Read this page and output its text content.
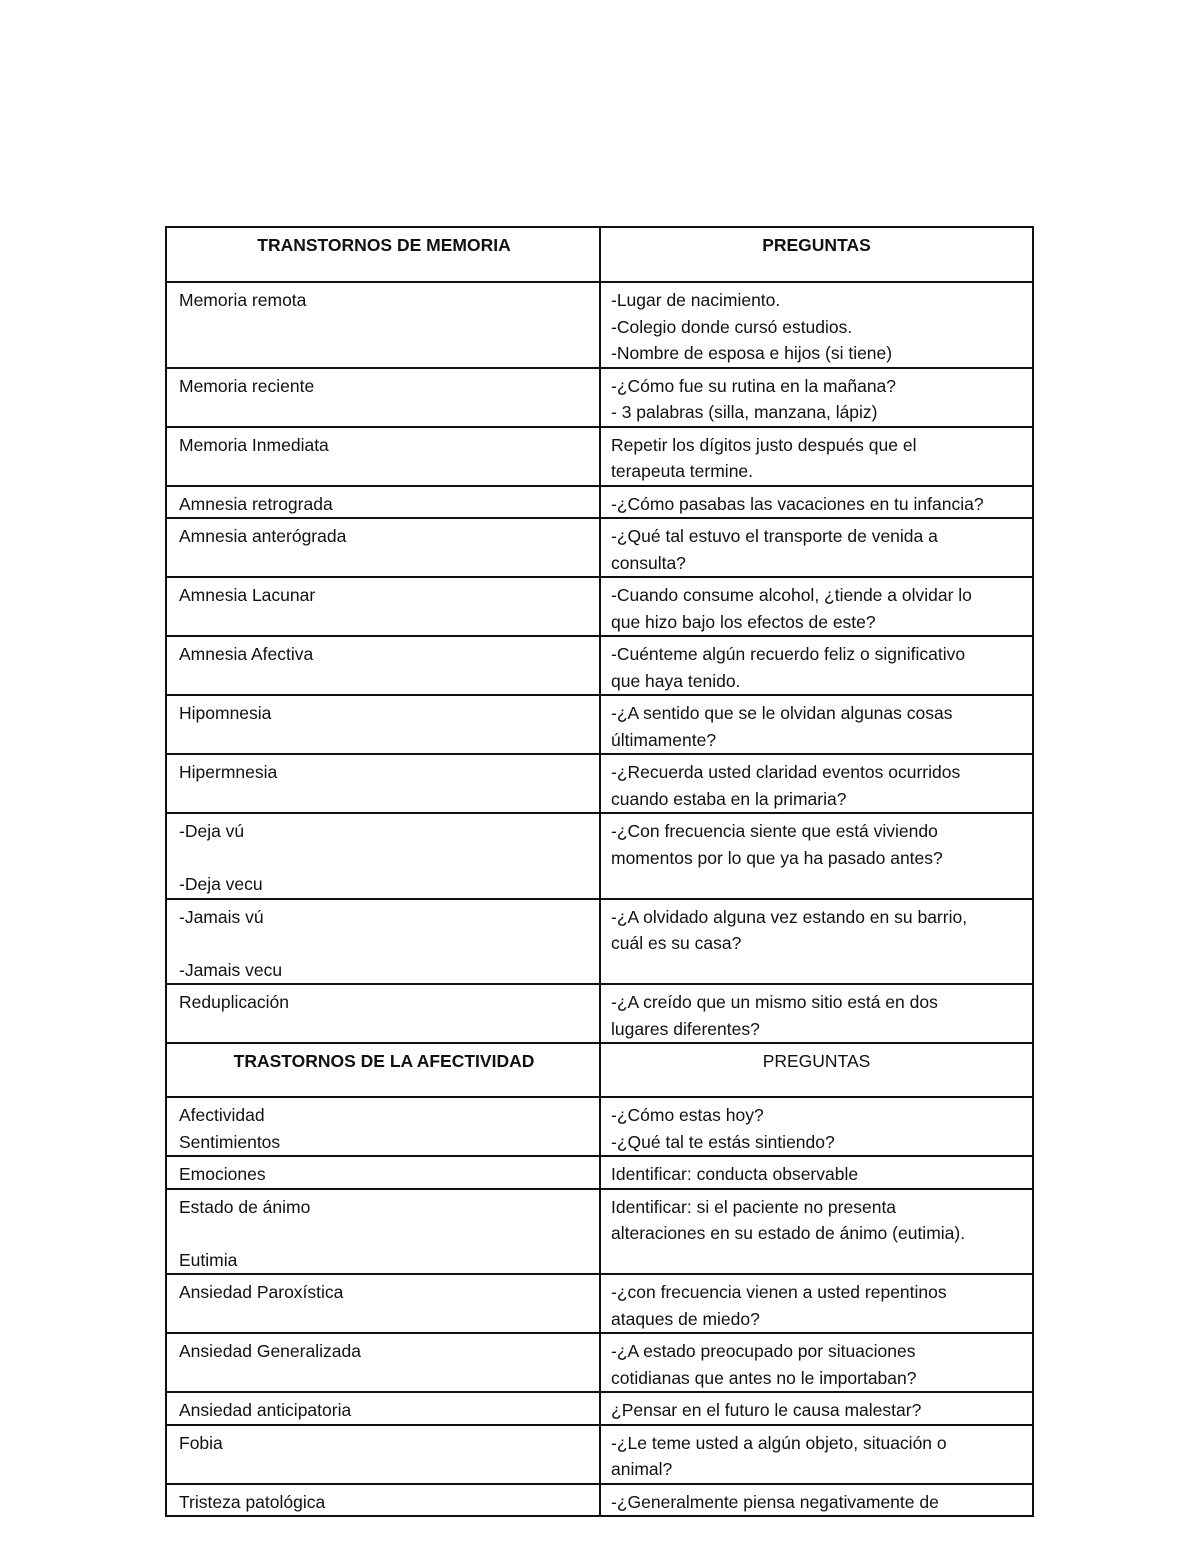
TRANSTORNOS DE MEMORIA	PREGUNTAS

Memoria remota	-Lugar de nacimiento.
-Colegio donde cursó estudios.
-Nombre de esposa e hijos (si tiene)

Memoria reciente	-¿Cómo fue su rutina en la mañana?
- 3 palabras (silla, manzana, lápiz)

Memoria Inmediata	Repetir los dígitos justo después que el
terapeuta termine.

Amnesia retrograda	-¿Cómo pasabas las vacaciones en tu infancia?

Amnesia anterógrada	-¿Qué tal estuvo el transporte de venida a
consulta?

Amnesia Lacunar	-Cuando consume alcohol, ¿tiende a olvidar lo
que hizo bajo los efectos de este?

Amnesia Afectiva	-Cuénteme algún recuerdo feliz o significativo
que haya tenido.

Hipomnesia	-¿A sentido que se le olvidan algunas cosas
últimamente?

Hipermnesia	-¿Recuerda usted claridad eventos ocurridos
cuando estaba en la primaria?

-Deja vú
-Deja vecu	-¿Con frecuencia siente que está viviendo
momentos por lo que ya ha pasado antes?

-Jamais vú
-Jamais vecu	-¿A olvidado alguna vez estando en su barrio,
cuál es su casa?

Reduplicación	-¿A creído que un mismo sitio está en dos
lugares diferentes?

TRASTORNOS DE LA AFECTIVIDAD	PREGUNTAS

Afectividad
Sentimientos	-¿Cómo estas hoy?
-¿Qué tal te estás sintiendo?

Emociones	Identificar: conducta observable

Estado de ánimo
Eutimia	Identificar: si el paciente no presenta
alteraciones en su estado de ánimo (eutimia).

Ansiedad Paroxística	-¿con frecuencia vienen a usted repentinos
ataques de miedo?

Ansiedad Generalizada	-¿A estado preocupado por situaciones
cotidianas que antes no le importaban?

Ansiedad anticipatoria	¿Pensar en el futuro le causa malestar?

Fobia	-¿Le teme usted a algún objeto, situación o
animal?

Tristeza patológica	-¿Generalmente piensa negativamente de
